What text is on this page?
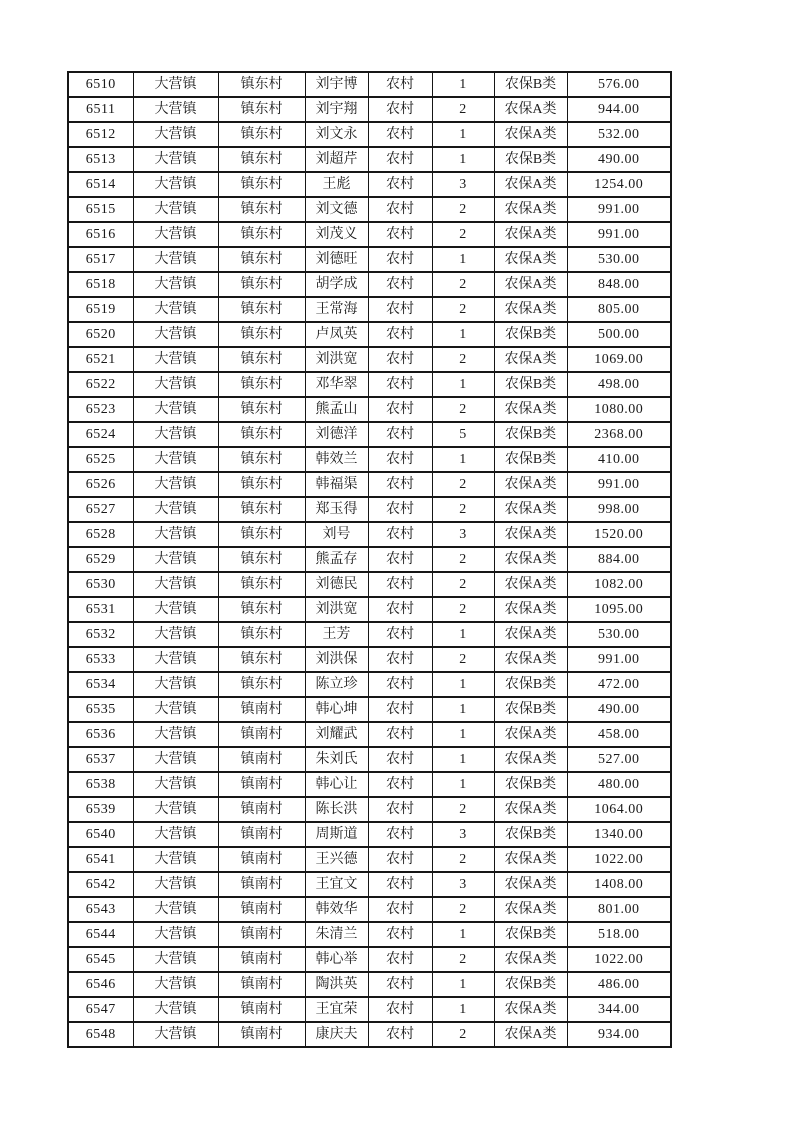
6510	大营镇	镇东村	刘宇博	农村	1	农保B类	576.00
6511	大营镇	镇东村	刘宇翔	农村	2	农保A类	944.00
6512	大营镇	镇东村	刘文永	农村	1	农保A类	532.00
6513	大营镇	镇东村	刘超芹	农村	1	农保B类	490.00
6514	大营镇	镇东村	王彪	农村	3	农保A类	1254.00
6515	大营镇	镇东村	刘文德	农村	2	农保A类	991.00
6516	大营镇	镇东村	刘茂义	农村	2	农保A类	991.00
6517	大营镇	镇东村	刘德旺	农村	1	农保A类	530.00
6518	大营镇	镇东村	胡学成	农村	2	农保A类	848.00
6519	大营镇	镇东村	王常海	农村	2	农保A类	805.00
6520	大营镇	镇东村	卢凤英	农村	1	农保B类	500.00
6521	大营镇	镇东村	刘洪宽	农村	2	农保A类	1069.00
6522	大营镇	镇东村	邓华翠	农村	1	农保B类	498.00
6523	大营镇	镇东村	熊孟山	农村	2	农保A类	1080.00
6524	大营镇	镇东村	刘德洋	农村	5	农保B类	2368.00
6525	大营镇	镇东村	韩效兰	农村	1	农保B类	410.00
6526	大营镇	镇东村	韩福渠	农村	2	农保A类	991.00
6527	大营镇	镇东村	郑玉得	农村	2	农保A类	998.00
6528	大营镇	镇东村	刘号	农村	3	农保A类	1520.00
6529	大营镇	镇东村	熊孟存	农村	2	农保A类	884.00
6530	大营镇	镇东村	刘德民	农村	2	农保A类	1082.00
6531	大营镇	镇东村	刘洪宽	农村	2	农保A类	1095.00
6532	大营镇	镇东村	王芳	农村	1	农保A类	530.00
6533	大营镇	镇东村	刘洪保	农村	2	农保A类	991.00
6534	大营镇	镇东村	陈立珍	农村	1	农保B类	472.00
6535	大营镇	镇南村	韩心坤	农村	1	农保B类	490.00
6536	大营镇	镇南村	刘耀武	农村	1	农保A类	458.00
6537	大营镇	镇南村	朱刘氏	农村	1	农保A类	527.00
6538	大营镇	镇南村	韩心让	农村	1	农保B类	480.00
6539	大营镇	镇南村	陈长洪	农村	2	农保A类	1064.00
6540	大营镇	镇南村	周斯道	农村	3	农保B类	1340.00
6541	大营镇	镇南村	王兴德	农村	2	农保A类	1022.00
6542	大营镇	镇南村	王宜文	农村	3	农保A类	1408.00
6543	大营镇	镇南村	韩效华	农村	2	农保A类	801.00
6544	大营镇	镇南村	朱清兰	农村	1	农保B类	518.00
6545	大营镇	镇南村	韩心举	农村	2	农保A类	1022.00
6546	大营镇	镇南村	陶洪英	农村	1	农保B类	486.00
6547	大营镇	镇南村	王宜荣	农村	1	农保A类	344.00
6548	大营镇	镇南村	康庆夫	农村	2	农保A类	934.00
